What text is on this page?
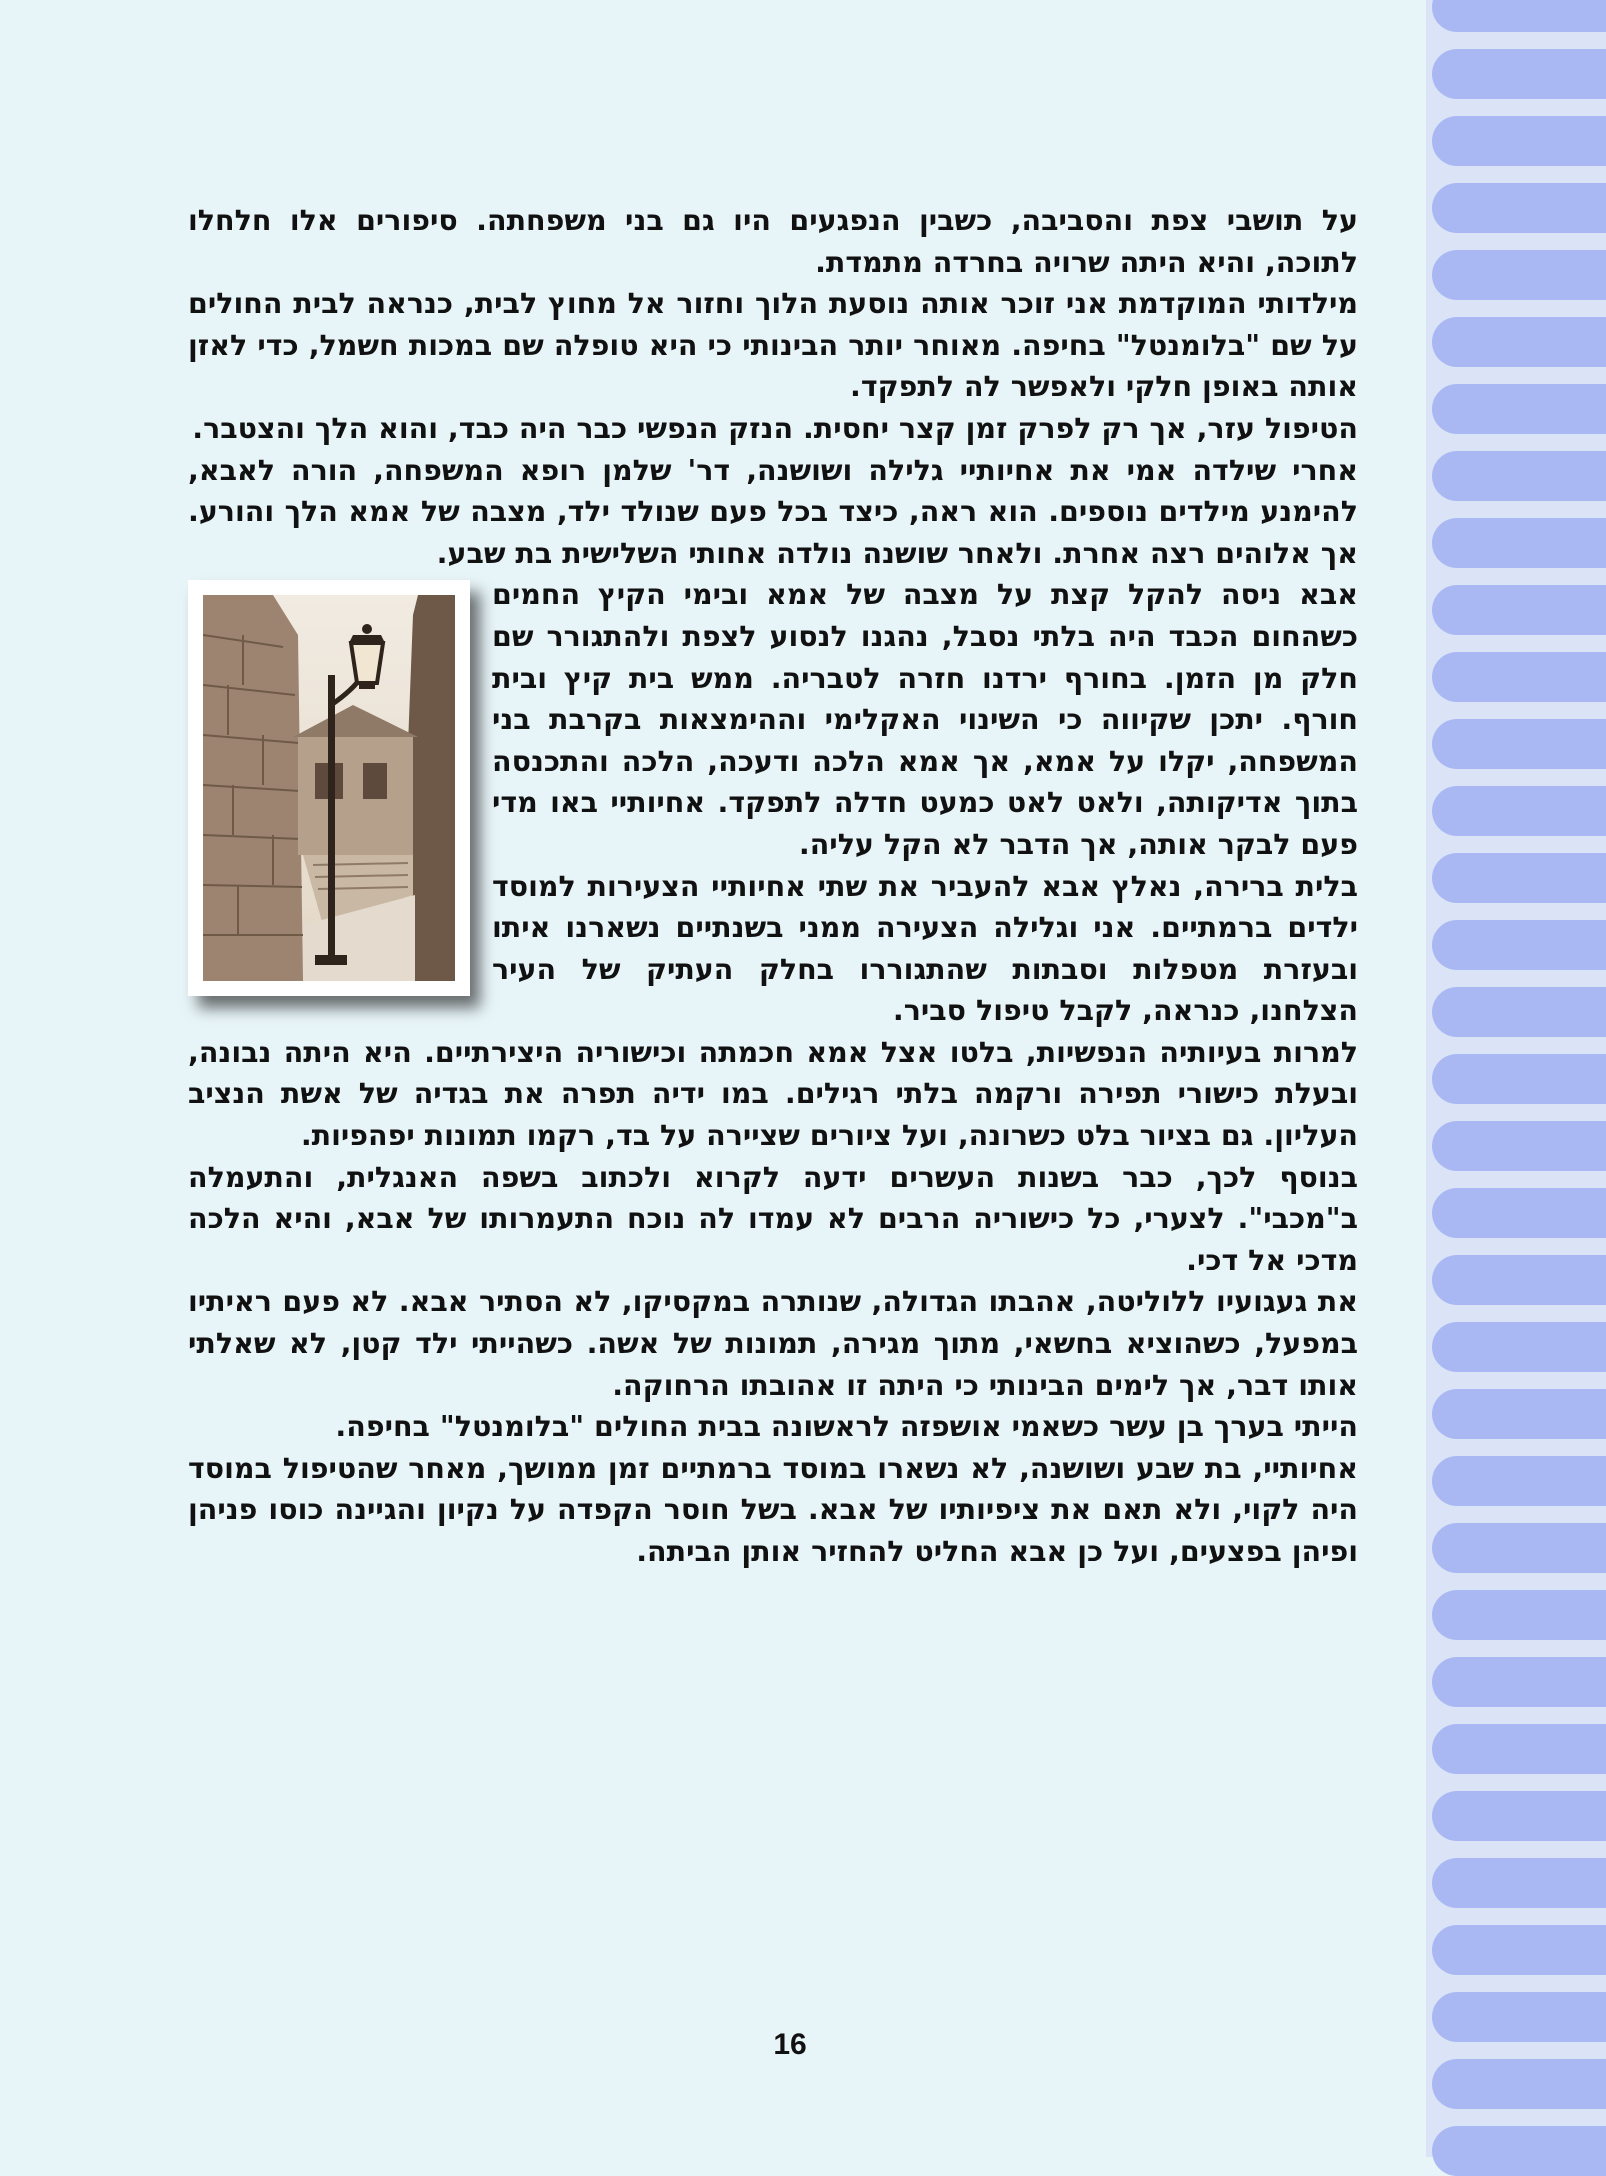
על תושבי צפת והסביבה, כשבין הנפגעים היו גם בני משפחתה. סיפורים אלו חלחלו לתוכה, והיא היתה שרויה בחרדה מתמדת.

מילדותי המוקדמת אני זוכר אותה נוסעת הלוך וחזור אל מחוץ לבית, כנראה לבית החולים על שם "בלומנטל" בחיפה. מאוחר יותר הבינותי כי היא טופלה שם במכות חשמל, כדי לאזן אותה באופן חלקי ולאפשר לה לתפקד.

הטיפול עזר, אך רק לפרק זמן קצר יחסית. הנזק הנפשי כבר היה כבד, והוא הלך והצטבר.

אחרי שילדה אמי את אחיותיי גלילה ושושנה, דר' שלמן רופא המשפחה, הורה לאבא, להימנע מילדים נוספים. הוא ראה, כיצד בכל פעם שנולד ילד, מצבה של אמא הלך והורע. אך אלוהים רצה אחרת. ולאחר שושנה נולדה אחותי השלישית בת שבע.

אבא ניסה להקל קצת על מצבה של אמא ובימי הקיץ החמים כשהחום הכבד היה בלתי נסבל, נהגנו לנסוע לצפת ולהתגורר שם חלק מן הזמן. בחורף ירדנו חזרה לטבריה. ממש בית קיץ ובית חורף. יתכן שקיווה כי השינוי האקלימי וההימצאות בקרבת בני המשפחה, יקלו על אמא, אך אמא הלכה ודעכה, הלכה והתכנסה בתוך אדיקותה, ולאט לאט כמעט חדלה לתפקד. אחיותיי באו מדי פעם לבקר אותה, אך הדבר לא הקל עליה.

בלית ברירה, נאלץ אבא להעביר את שתי אחיותיי הצעירות למוסד ילדים ברמתיים. אני וגלילה הצעירה ממני בשנתיים נשארנו איתו ובעזרת מטפלות וסבתות שהתגוררו בחלק העתיק של העיר הצלחנו, כנראה, לקבל טיפול סביר.

למרות בעיותיה הנפשיות, בלטו אצל אמא חכמתה וכישוריה היצירתיים. היא היתה נבונה, ובעלת כישורי תפירה ורקמה בלתי רגילים. במו ידיה תפרה את בגדיה של אשת הנציב העליון. גם בציור בלט כשרונה, ועל ציורים שציירה על בד, רקמו תמונות יפהפיות.

בנוסף לכך, כבר בשנות העשרים ידעה לקרוא ולכתוב בשפה האנגלית, והתעמלה ב"מכבי". לצערי, כל כישוריה הרבים לא עמדו לה נוכח התעמרותו של אבא, והיא הלכה מדכי אל דכי.

את געגועיו ללוליטה, אהבתו הגדולה, שנותרה במקסיקו, לא הסתיר אבא. לא פעם ראיתיו במפעל, כשהוציא בחשאי, מתוך מגירה, תמונות של אשה. כשהייתי ילד קטן, לא שאלתי אותו דבר, אך לימים הבינותי כי היתה זו אהובתו הרחוקה.

הייתי בערך בן עשר כשאמי אושפזה לראשונה בבית החולים "בלומנטל" בחיפה.

אחיותיי, בת שבע ושושנה, לא נשארו במוסד ברמתיים זמן ממושך, מאחר שהטיפול במוסד היה לקוי, ולא תאם את ציפיותיו של אבא. בשל חוסר הקפדה על נקיון והגיינה כוסו פניהן ופיהן בפצעים, ועל כן אבא החליט להחזיר אותן הביתה.

16
